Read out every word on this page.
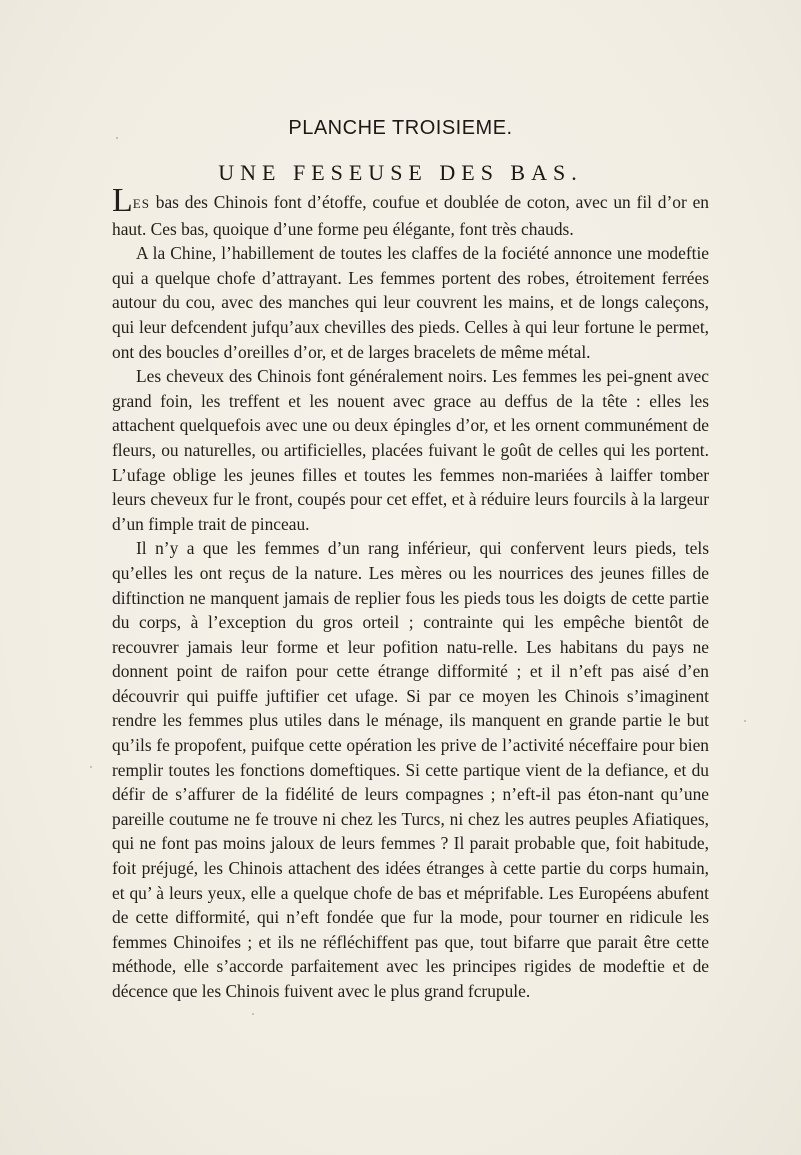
PLANCHE TROISIEME.
UNE FESEUSE DES BAS.

LES bas des Chinois font d’étoffe, coufue et doublée de coton, avec un fil d’or en haut. Ces bas, quoique d’une forme peu élégante, font très chauds.

A la Chine, l’habillement de toutes les claffes de la fociété annonce une modeftie qui a quelque chofe d’attrayant. Les femmes portent des robes, étroitement ferrées autour du cou, avec des manches qui leur couvrent les mains, et de longs caleçons, qui leur defcendent jufqu’aux chevilles des pieds. Celles à qui leur fortune le permet, ont des boucles d’oreilles d’or, et de larges bracelets de même métal.

Les cheveux des Chinois font généralement noirs. Les femmes les pei-gnent avec grand foin, les treffent et les nouent avec grace au deffus de la tête : elles les attachent quelquefois avec une ou deux épingles d’or, et les ornent communément de fleurs, ou naturelles, ou artificielles, placées fuivant le goût de celles qui les portent. L’ufage oblige les jeunes filles et toutes les femmes non-mariées à laiffer tomber leurs cheveux fur le front, coupés pour cet effet, et à réduire leurs fourcils à la largeur d’un fimple trait de pinceau.

Il n’y a que les femmes d’un rang inférieur, qui confervent leurs pieds, tels qu’elles les ont reçus de la nature. Les mères ou les nourrices des jeunes filles de diftinction ne manquent jamais de replier fous les pieds tous les doigts de cette partie du corps, à l’exception du gros orteil ; contrainte qui les empêche bientôt de recouvrer jamais leur forme et leur pofition natu-relle. Les habitans du pays ne donnent point de raifon pour cette étrange difformité ; et il n’eft pas aisé d’en découvrir qui puiffe juftifier cet ufage. Si par ce moyen les Chinois s’imaginent rendre les femmes plus utiles dans le ménage, ils manquent en grande partie le but qu’ils fe propofent, puifque cette opération les prive de l’activité néceffaire pour bien remplir toutes les fonctions domeftiques. Si cette partique vient de la defiance, et du défir de s’affurer de la fidélité de leurs compagnes ; n’eft-il pas éton-nant qu’une pareille coutume ne fe trouve ni chez les Turcs, ni chez les autres peuples Afiatiques, qui ne font pas moins jaloux de leurs femmes ? Il parait probable que, foit habitude, foit préjugé, les Chinois attachent des idées étranges à cette partie du corps humain, et qu’ à leurs yeux, elle a quelque chofe de bas et méprifable. Les Européens abufent de cette difformité, qui n’eft fondée que fur la mode, pour tourner en ridicule les femmes Chinoifes ; et ils ne réfléchiffent pas que, tout bifarre que parait être cette méthode, elle s’accorde parfaitement avec les principes rigides de modeftie et de décence que les Chinois fuivent avec le plus grand fcrupule.
